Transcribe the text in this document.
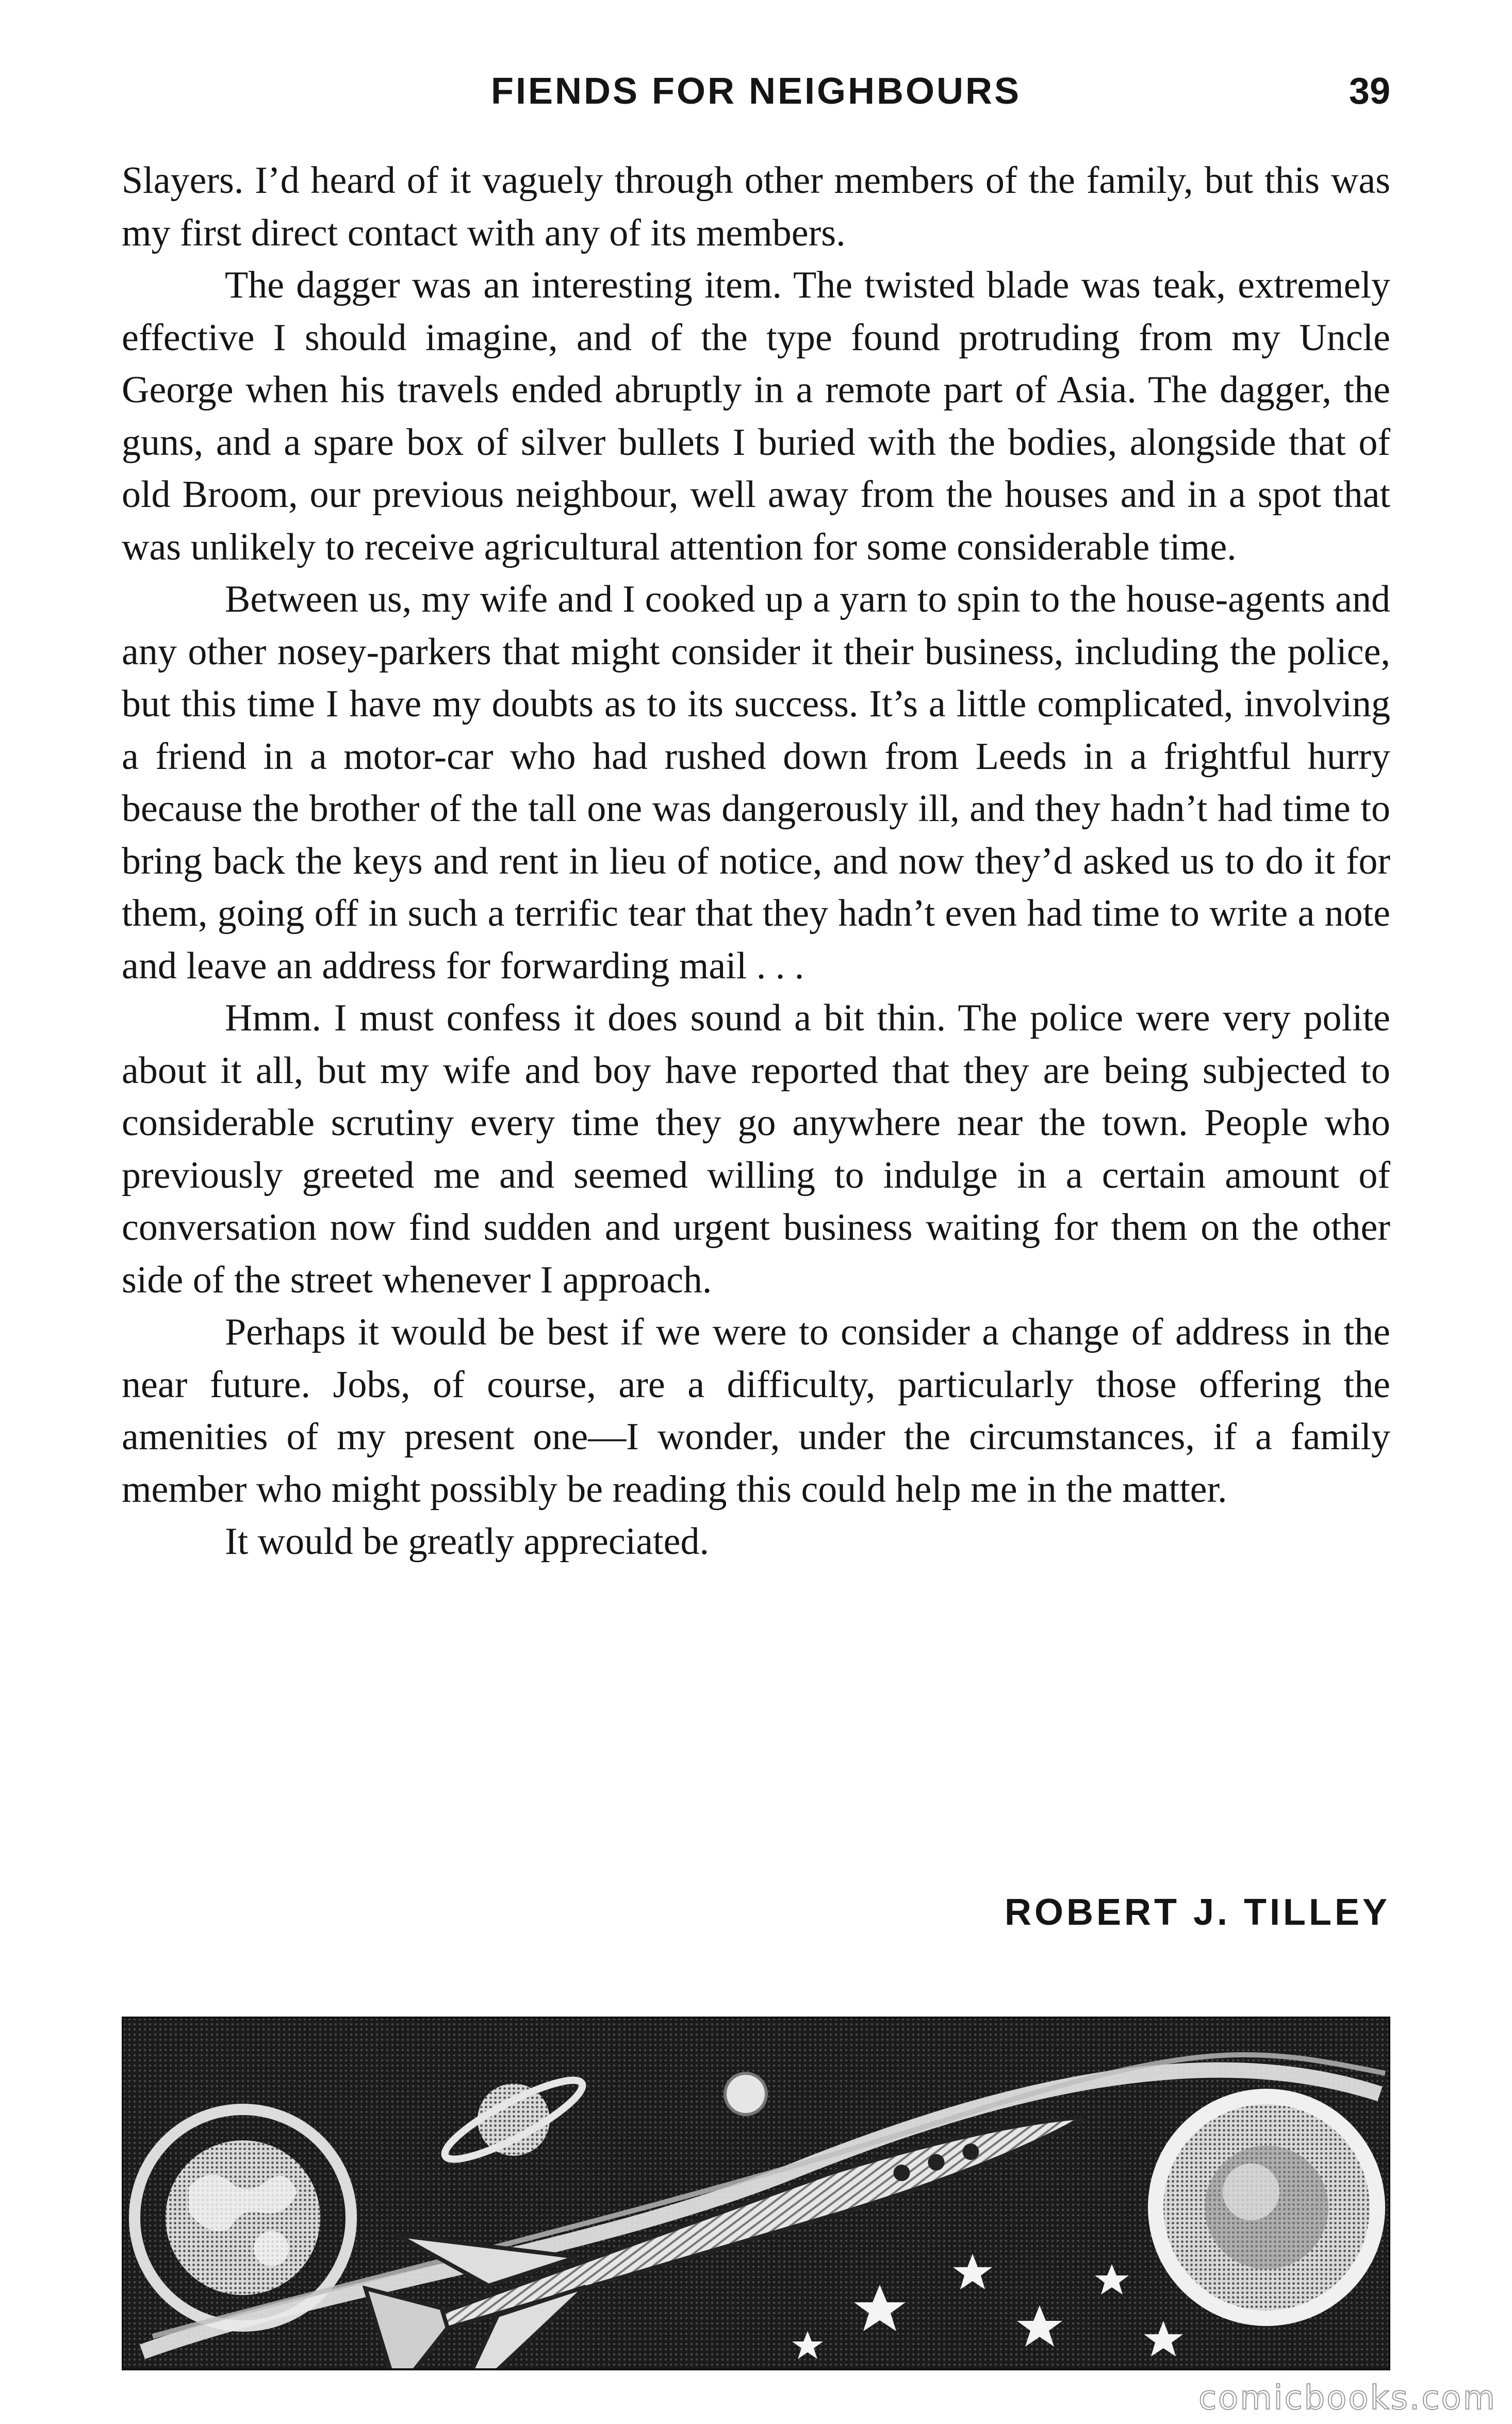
FIENDS FOR NEIGHBOURS	39

Slayers. I’d heard of it vaguely through other members of the family, but this was my first direct contact with any of its members.

The dagger was an interesting item. The twisted blade was teak, extremely effective I should imagine, and of the type found protruding from my Uncle George when his travels ended abruptly in a remote part of Asia. The dagger, the guns, and a spare box of silver bullets I buried with the bodies, alongside that of old Broom, our previous neighbour, well away from the houses and in a spot that was unlikely to receive agricultural attention for some considerable time.

Between us, my wife and I cooked up a yarn to spin to the house-agents and any other nosey-parkers that might consider it their business, including the police, but this time I have my doubts as to its success. It’s a little complicated, involving a friend in a motor-car who had rushed down from Leeds in a frightful hurry because the brother of the tall one was dangerously ill, and they hadn’t had time to bring back the keys and rent in lieu of notice, and now they’d asked us to do it for them, going off in such a terrific tear that they hadn’t even had time to write a note and leave an address for forwarding mail . . .

Hmm. I must confess it does sound a bit thin. The police were very polite about it all, but my wife and boy have reported that they are being subjected to considerable scrutiny every time they go anywhere near the town. People who previously greeted me and seemed willing to indulge in a certain amount of conversation now find sudden and urgent business waiting for them on the other side of the street whenever I approach.

Perhaps it would be best if we were to consider a change of address in the near future. Jobs, of course, are a difficulty, particularly those offering the amenities of my present one—I wonder, under the circumstances, if a family member who might possibly be reading this could help me in the matter.

It would be greatly appreciated.

ROBERT J. TILLEY
comicbooks.com
